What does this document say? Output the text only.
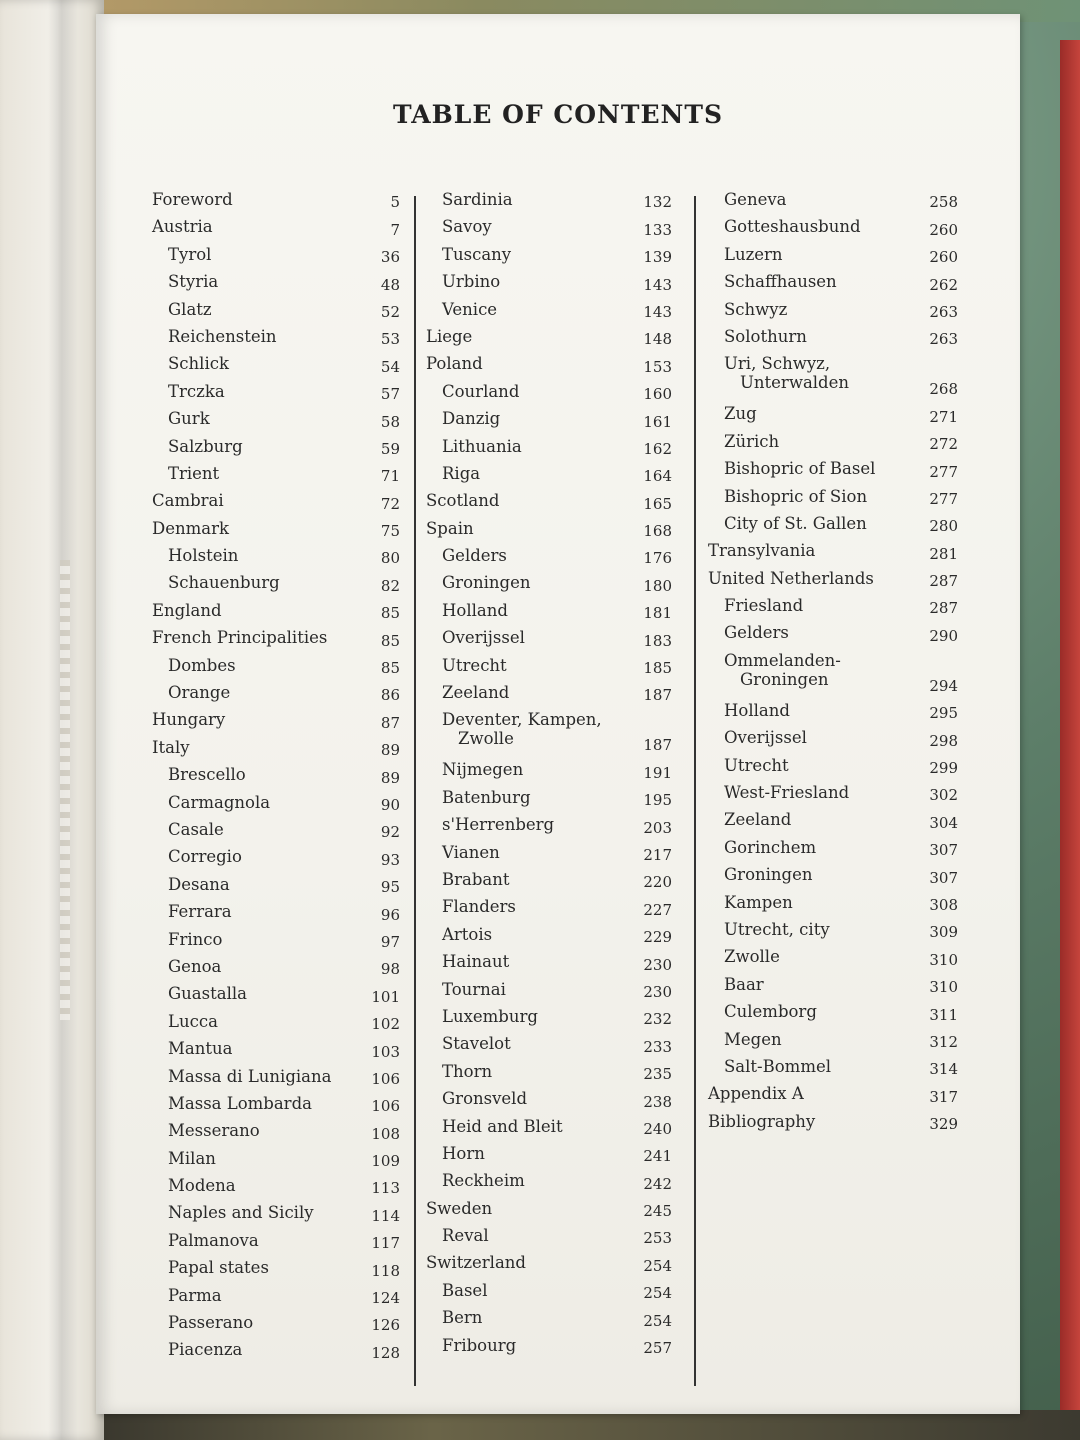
TABLE OF CONTENTS
Foreword	5
Austria	7
Tyrol	36
Styria	48
Glatz	52
Reichenstein	53
Schlick	54
Trczka	57
Gurk	58
Salzburg	59
Trient	71
Cambrai	72
Denmark	75
Holstein	80
Schauenburg	82
England	85
French Principalities	85
Dombes	85
Orange	86
Hungary	87
Italy	89
Brescello	89
Carmagnola	90
Casale	92
Corregio	93
Desana	95
Ferrara	96
Frinco	97
Genoa	98
Guastalla	101
Lucca	102
Mantua	103
Massa di Lunigiana	106
Massa Lombarda	106
Messerano	108
Milan	109
Modena	113
Naples and Sicily	114
Palmanova	117
Papal states	118
Parma	124
Passerano	126
Piacenza	128
Sardinia	132
Savoy	133
Tuscany	139
Urbino	143
Venice	143
Liege	148
Poland	153
Courland	160
Danzig	161
Lithuania	162
Riga	164
Scotland	165
Spain	168
Gelders	176
Groningen	180
Holland	181
Overijssel	183
Utrecht	185
Zeeland	187
Deventer, Kampen,
Zwolle	187
Nijmegen	191
Batenburg	195
s'Herrenberg	203
Vianen	217
Brabant	220
Flanders	227
Artois	229
Hainaut	230
Tournai	230
Luxemburg	232
Stavelot	233
Thorn	235
Gronsveld	238
Heid and Bleit	240
Horn	241
Reckheim	242
Sweden	245
Reval	253
Switzerland	254
Basel	254
Bern	254
Fribourg	257
Geneva	258
Gotteshausbund	260
Luzern	260
Schaffhausen	262
Schwyz	263
Solothurn	263
Uri, Schwyz,
Unterwalden	268
Zug	271
Zürich	272
Bishopric of Basel	277
Bishopric of Sion	277
City of St. Gallen	280
Transylvania	281
United Netherlands	287
Friesland	287
Gelders	290
Ommelanden-
Groningen	294
Holland	295
Overijssel	298
Utrecht	299
West-Friesland	302
Zeeland	304
Gorinchem	307
Groningen	307
Kampen	308
Utrecht, city	309
Zwolle	310
Baar	310
Culemborg	311
Megen	312
Salt-Bommel	314
Appendix A	317
Bibliography	329
